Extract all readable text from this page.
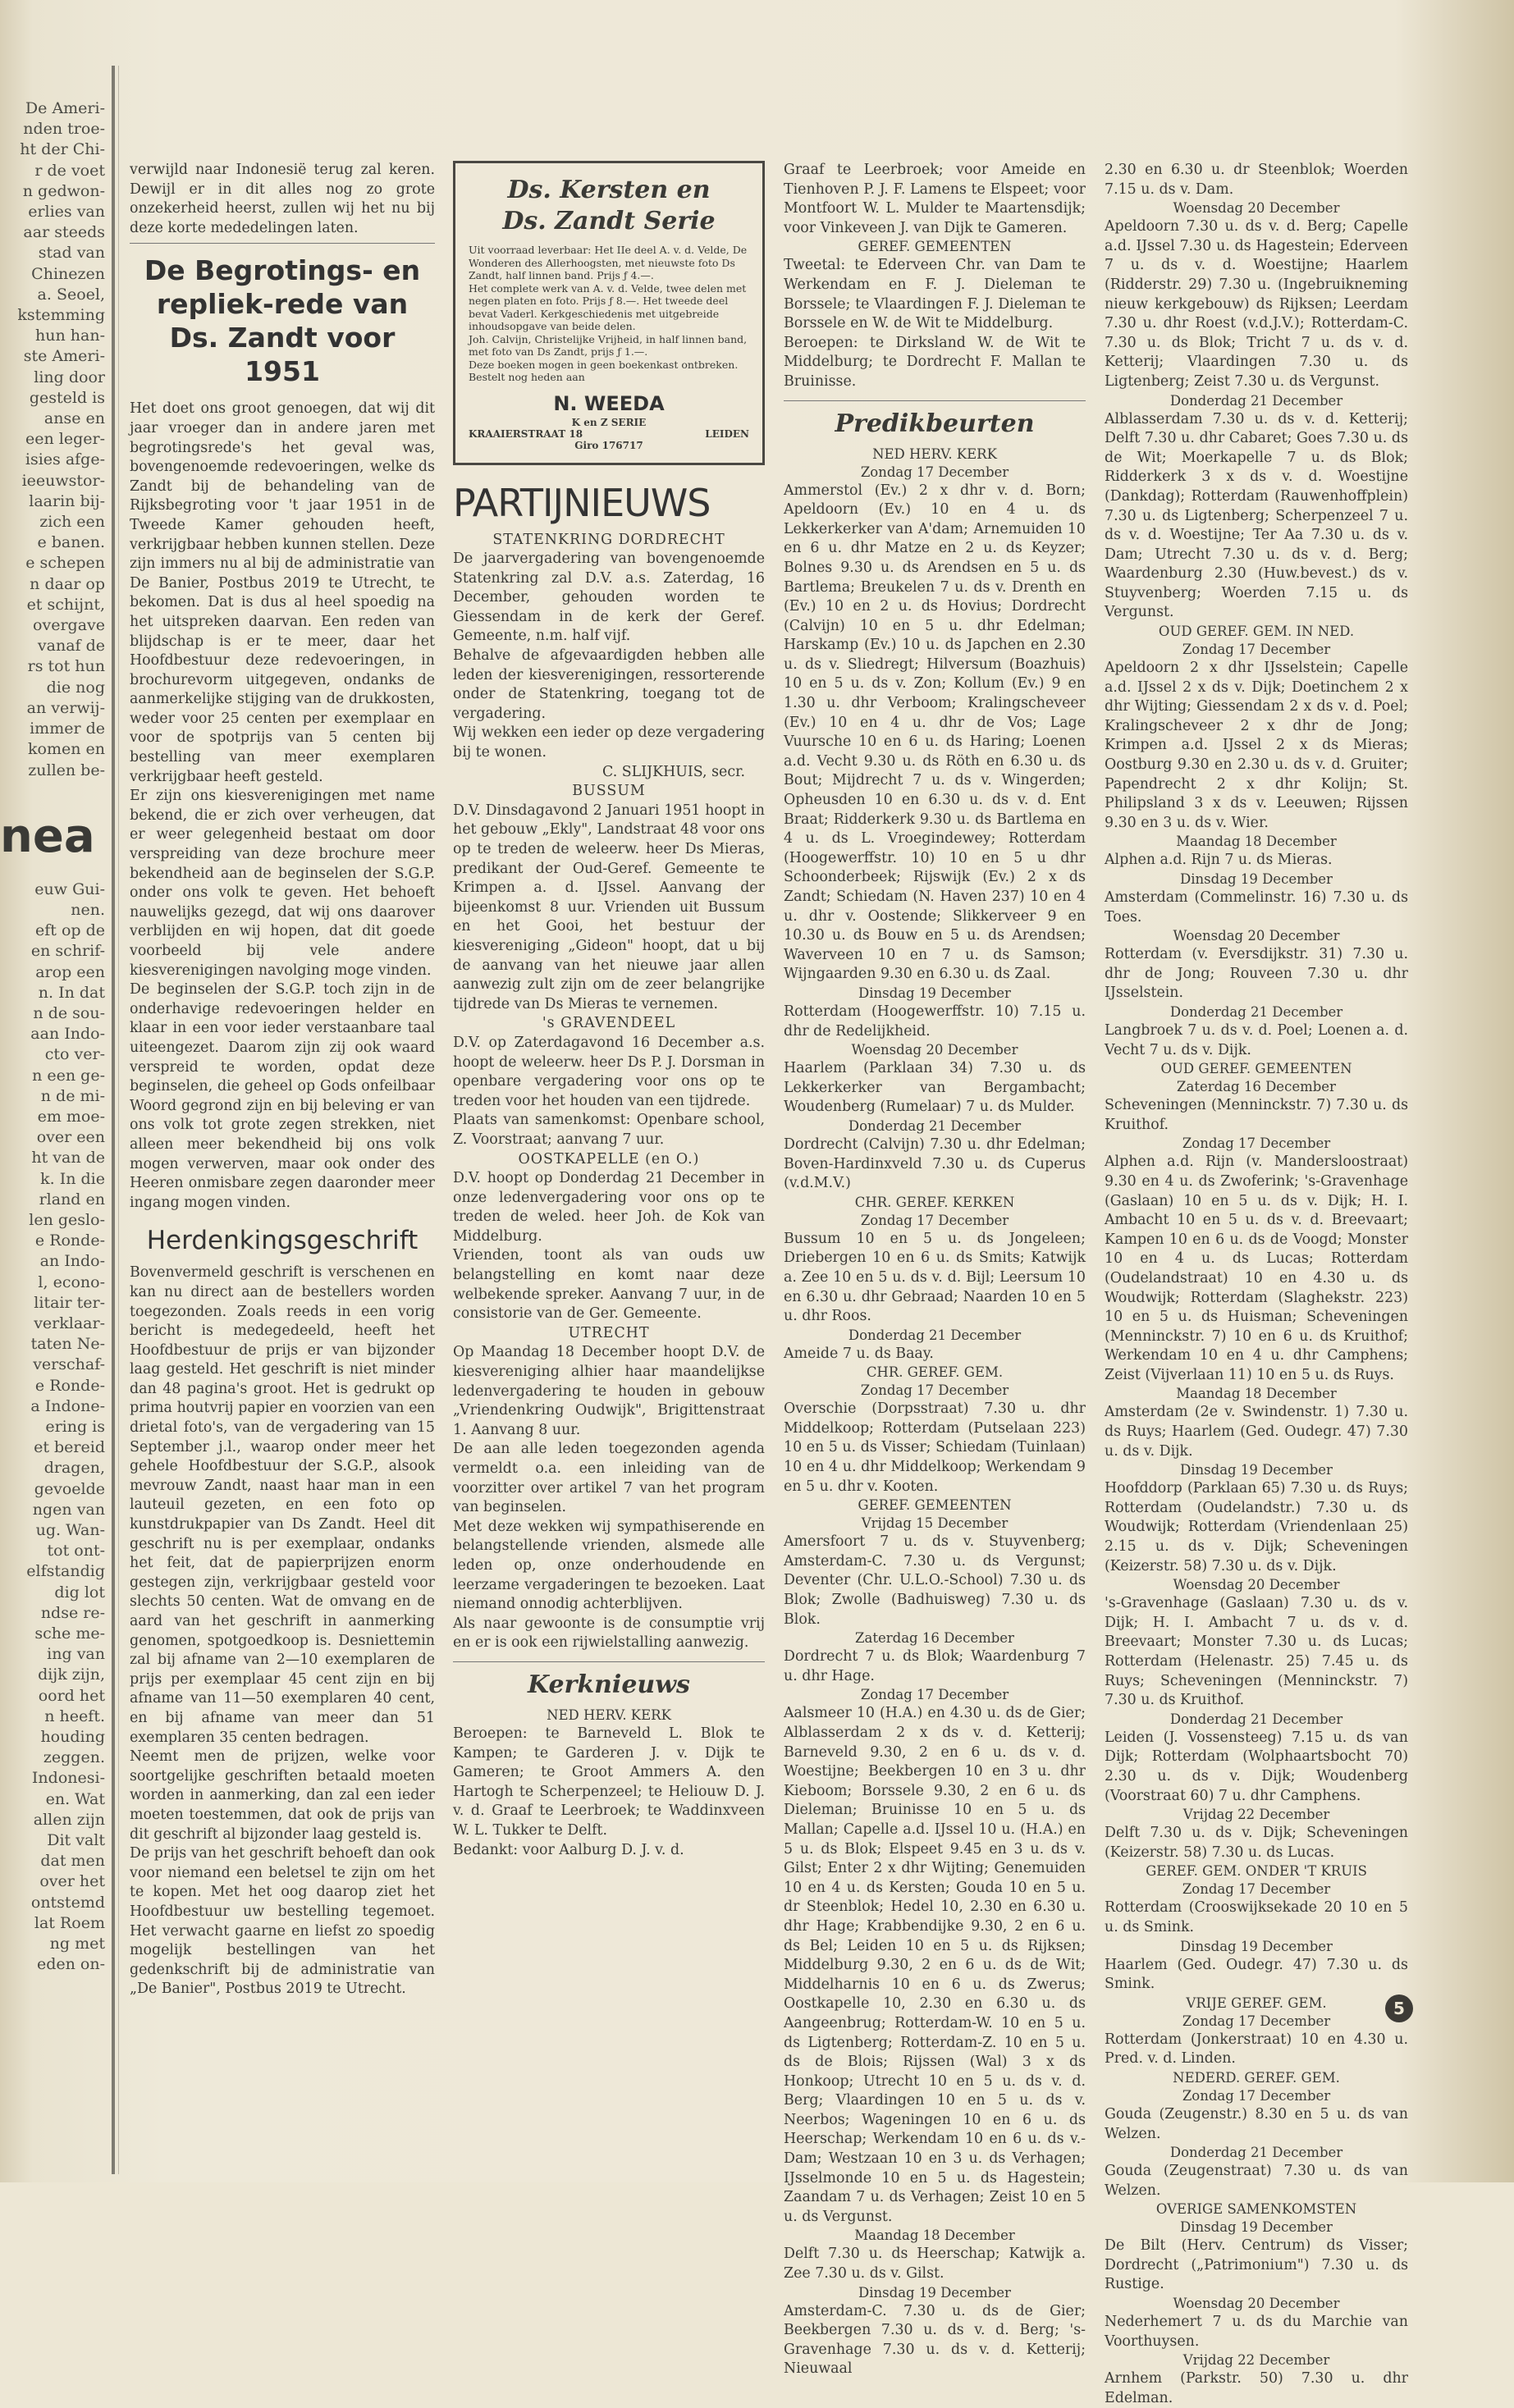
De Ameri-
nden troe-
ht der Chi-
r de voet
n gedwon-
erlies van
aar steeds
stad van
Chinezen
a. Seoel,
kstemming
hun han-
ste Ameri-
ling door
gesteld is
anse en
een leger-
isies afge-
ieeuwstor-
laarin bij-
zich een
e banen.
e schepen
n daar op
et schijnt,
overgave
vanaf de
rs tot hun
die nog
an verwij-
immer de
komen en
zullen be-
nea
euw Gui-
nen.
eft op de
en schrif-
arop een
n. In dat
n de sou-
aan Indo-
cto ver-
n een ge-
n de mi-
em moe-
over een
ht van de
k. In die
rland en
len geslo-
e Ronde-
an Indo-
l, econo-
litair ter-
verklaar-
taten Ne-
verschaf-
e Ronde-
a Indone-
ering is
et bereid
dragen,
gevoelde
ngen van
ug. Wan-
tot ont-
elfstandig
dig lot
ndse re-
sche me-
ing van
dijk zijn,
oord het
n heeft.
houding
zeggen.
Indonesi-
en. Wat
allen zijn
Dit valt
dat men
over het
ontstemd
lat Roem
ng met
eden on-

verwijld naar Indonesië terug zal keren. Dewijl er in dit alles nog zo grote onzekerheid heerst, zullen wij het nu bij deze korte mededelingen laten.

De Begrotings- en repliek-rede van Ds. Zandt voor 1951

Het doet ons groot genoegen, dat wij dit jaar vroeger dan in andere jaren met begrotingsrede's het geval was, bovengenoemde redevoeringen, welke ds Zandt bij de behandeling van de Rijksbegroting voor 't jaar 1951 in de Tweede Kamer gehouden heeft, verkrijgbaar hebben kunnen stellen. Deze zijn immers nu al bij de administratie van De Banier, Postbus 2019 te Utrecht, te bekomen. Dat is dus al heel spoedig na het uitspreken daarvan. Een reden van blijdschap is er te meer, daar het Hoofdbestuur deze redevoeringen, in brochurevorm uitgegeven, ondanks de aanmerkelijke stijging van de drukkosten, weder voor 25 centen per exemplaar en voor de spotprijs van 5 centen bij bestelling van meer exemplaren verkrijgbaar heeft gesteld.

Er zijn ons kiesverenigingen met name bekend, die er zich over verheugen, dat er weer gelegenheid bestaat om door verspreiding van deze brochure meer bekendheid aan de beginselen der S.G.P. onder ons volk te geven. Het behoeft nauwelijks gezegd, dat wij ons daarover verblijden en wij hopen, dat dit goede voorbeeld bij vele andere kiesverenigingen navolging moge vinden.

De beginselen der S.G.P. toch zijn in de onderhavige redevoeringen helder en klaar in een voor ieder verstaanbare taal uiteengezet. Daarom zijn zij ook waard verspreid te worden, opdat deze beginselen, die geheel op Gods onfeilbaar Woord gegrond zijn en bij beleving er van ons volk tot grote zegen strekken, niet alleen meer bekendheid bij ons volk mogen verwerven, maar ook onder des Heeren onmisbare zegen daaronder meer ingang mogen vinden.

Herdenkingsgeschrift

Bovenvermeld geschrift is verschenen en kan nu direct aan de bestellers worden toegezonden. Zoals reeds in een vorig bericht is medegedeeld, heeft het Hoofdbestuur de prijs er van bijzonder laag gesteld. Het geschrift is niet minder dan 48 pagina's groot. Het is gedrukt op prima houtvrij papier en voorzien van een drietal foto's, van de vergadering van 15 September j.l., waarop onder meer het gehele Hoofdbestuur der S.G.P., alsook mevrouw Zandt, naast haar man in een lauteuil gezeten, en een foto op kunstdrukpapier van Ds Zandt. Heel dit geschrift nu is per exemplaar, ondanks het feit, dat de papierprijzen enorm gestegen zijn, verkrijgbaar gesteld voor slechts 50 centen. Wat de omvang en de aard van het geschrift in aanmerking genomen, spotgoedkoop is. Desniettemin zal bij afname van 2—10 exemplaren de prijs per exemplaar 45 cent zijn en bij afname van 11—50 exemplaren 40 cent, en bij afname van meer dan 51 exemplaren 35 centen bedragen.

Neemt men de prijzen, welke voor soortgelijke geschriften betaald moeten worden in aanmerking, dan zal een ieder moeten toestemmen, dat ook de prijs van dit geschrift al bijzonder laag gesteld is.

De prijs van het geschrift behoeft dan ook voor niemand een beletsel te zijn om het te kopen. Met het oog daarop ziet het Hoofdbestuur uw bestelling tegemoet. Het verwacht gaarne en liefst zo spoedig mogelijk bestellingen van het gedenkschrift bij de administratie van „De Banier", Postbus 2019 te Utrecht.

Ds. Kersten en
Ds. Zandt Serie
Uit voorraad leverbaar: Het IIe deel A. v. d. Velde, De Wonderen des Allerhoogsten, met nieuwste foto Ds Zandt, half linnen band. Prijs ƒ 4.—.
Het complete werk van A. v. d. Velde, twee delen met negen platen en foto. Prijs ƒ 8.—. Het tweede deel bevat Vaderl. Kerkgeschiedenis met uitgebreide inhoudsopgave van beide delen.
Joh. Calvijn, Christelijke Vrijheid, in half linnen band, met foto van Ds Zandt, prijs ƒ 1.—.
Deze boeken mogen in geen boekenkast ontbreken. Bestelt nog heden aan
N. WEEDA
K en Z SERIE
KRAAIERSTRAAT 18	LEIDEN
Giro 176717
PARTIJNIEUWS
STATENKRING DORDRECHT

De jaarvergadering van bovengenoemde Statenkring zal D.V. a.s. Zaterdag, 16 December, gehouden worden te Giessendam in de kerk der Geref. Gemeente, n.m. half vijf.

Behalve de afgevaardigden hebben alle leden der kiesverenigingen, ressorterende onder de Statenkring, toegang tot de vergadering.

Wij wekken een ieder op deze vergadering bij te wonen.

C. SLIJKHUIS, secr.
BUSSUM

D.V. Dinsdagavond 2 Januari 1951 hoopt in het gebouw „Ekly", Landstraat 48 voor ons op te treden de weleerw. heer Ds Mieras, predikant der Oud-Geref. Gemeente te Krimpen a. d. IJssel. Aanvang der bijeenkomst 8 uur. Vrienden uit Bussum en het Gooi, het bestuur der kiesvereniging „Gideon" hoopt, dat u bij de aanvang van het nieuwe jaar allen aanwezig zult zijn om de zeer belangrijke tijdrede van Ds Mieras te vernemen.

's GRAVENDEEL

D.V. op Zaterdagavond 16 December a.s. hoopt de weleerw. heer Ds P. J. Dorsman in openbare vergadering voor ons op te treden voor het houden van een tijdrede.

Plaats van samenkomst: Openbare school, Z. Voorstraat; aanvang 7 uur.

OOSTKAPELLE (en O.)

D.V. hoopt op Donderdag 21 December in onze ledenvergadering voor ons op te treden de weled. heer Joh. de Kok van Middelburg.

Vrienden, toont als van ouds uw belangstelling en komt naar deze welbekende spreker. Aanvang 7 uur, in de consistorie van de Ger. Gemeente.

UTRECHT

Op Maandag 18 December hoopt D.V. de kiesvereniging alhier haar maandelijkse ledenvergadering te houden in gebouw „Vriendenkring Oudwijk", Brigittenstraat 1. Aanvang 8 uur.

De aan alle leden toegezonden agenda vermeldt o.a. een inleiding van de voorzitter over artikel 7 van het program van beginselen.

Met deze wekken wij sympathiserende en belangstellende vrienden, alsmede alle leden op, onze onderhoudende en leerzame vergaderingen te bezoeken. Laat niemand onnodig achterblijven.

Als naar gewoonte is de consumptie vrij en er is ook een rijwielstalling aanwezig.

Kerknieuws
NED HERV. KERK

Beroepen: te Barneveld L. Blok te Kampen; te Garderen J. v. Dijk te Gameren; te Groot Ammers A. den Hartogh te Scherpenzeel; te Heliouw D. J. v. d. Graaf te Leerbroek; te Waddinxveen W. L. Tukker te Delft.

Bedankt: voor Aalburg D. J. v. d.

Graaf te Leerbroek; voor Ameide en Tienhoven P. J. F. Lamens te Elspeet; voor Montfoort W. L. Mulder te Maartensdijk; voor Vinkeveen J. van Dijk te Gameren.

GEREF. GEMEENTEN

Tweetal: te Ederveen Chr. van Dam te Werkendam en F. J. Dieleman te Borssele; te Vlaardingen F. J. Dieleman te Borssele en W. de Wit te Middelburg.

Beroepen: te Dirksland W. de Wit te Middelburg; te Dordrecht F. Mallan te Bruinisse.

Predikbeurten
NED HERV. KERK
Zondag 17 December

Ammerstol (Ev.) 2 x dhr v. d. Born; Apeldoorn (Ev.) 10 en 4 u. ds Lekkerkerker van A'dam; Arnemuiden 10 en 6 u. dhr Matze en 2 u. ds Keyzer; Bolnes 9.30 u. ds Arendsen en 5 u. ds Bartlema; Breukelen 7 u. ds v. Drenth en (Ev.) 10 en 2 u. ds Hovius; Dordrecht (Calvijn) 10 en 5 u. dhr Edelman; Harskamp (Ev.) 10 u. ds Japchen en 2.30 u. ds v. Sliedregt; Hilversum (Boazhuis) 10 en 5 u. ds v. Zon; Kollum (Ev.) 9 en 1.30 u. dhr Verboom; Kralingscheveer (Ev.) 10 en 4 u. dhr de Vos; Lage Vuursche 10 en 6 u. ds Haring; Loenen a.d. Vecht 9.30 u. ds Röth en 6.30 u. ds Bout; Mijdrecht 7 u. ds v. Wingerden; Opheusden 10 en 6.30 u. ds v. d. Ent Braat; Ridderkerk 9.30 u. ds Bartlema en 4 u. ds L. Vroegindewey; Rotterdam (Hoogewerffstr. 10) 10 en 5 u dhr Schoonderbeek; Rijswijk (Ev.) 2 x ds Zandt; Schiedam (N. Haven 237) 10 en 4 u. dhr v. Oostende; Slikkerveer 9 en 10.30 u. ds Bouw en 5 u. ds Arendsen; Waverveen 10 en 7 u. ds Samson; Wijngaarden 9.30 en 6.30 u. ds Zaal.

Dinsdag 19 December

Rotterdam (Hoogewerffstr. 10) 7.15 u. dhr de Redelijkheid.

Woensdag 20 December

Haarlem (Parklaan 34) 7.30 u. ds Lekkerkerker van Bergambacht; Woudenberg (Rumelaar) 7 u. ds Mulder.

Donderdag 21 December

Dordrecht (Calvijn) 7.30 u. dhr Edelman; Boven-Hardinxveld 7.30 u. ds Cuperus (v.d.M.V.)

CHR. GEREF. KERKEN
Zondag 17 December

Bussum 10 en 5 u. ds Jongeleen; Driebergen 10 en 6 u. ds Smits; Katwijk a. Zee 10 en 5 u. ds v. d. Bijl; Leersum 10 en 6.30 u. dhr Gebraad; Naarden 10 en 5 u. dhr Roos.

Donderdag 21 December

Ameide 7 u. ds Baay.

CHR. GEREF. GEM.
Zondag 17 December

Overschie (Dorpsstraat) 7.30 u. dhr Middelkoop; Rotterdam (Putselaan 223) 10 en 5 u. ds Visser; Schiedam (Tuinlaan) 10 en 4 u. dhr Middelkoop; Werkendam 9 en 5 u. dhr v. Kooten.

GEREF. GEMEENTEN
Vrijdag 15 December

Amersfoort 7 u. ds v. Stuyvenberg; Amsterdam-C. 7.30 u. ds Vergunst; Deventer (Chr. U.L.O.-School) 7.30 u. ds Blok; Zwolle (Badhuisweg) 7.30 u. ds Blok.

Zaterdag 16 December

Dordrecht 7 u. ds Blok; Waardenburg 7 u. dhr Hage.

Zondag 17 December

Aalsmeer 10 (H.A.) en 4.30 u. ds de Gier; Alblasserdam 2 x ds v. d. Ketterij; Barneveld 9.30, 2 en 6 u. ds v. d. Woestijne; Beekbergen 10 en 3 u. dhr Kieboom; Borssele 9.30, 2 en 6 u. ds Dieleman; Bruinisse 10 en 5 u. ds Mallan; Capelle a.d. IJssel 10 u. (H.A.) en 5 u. ds Blok; Elspeet 9.45 en 3 u. ds v. Gilst; Enter 2 x dhr Wijting; Genemuiden 10 en 4 u. ds Kersten; Gouda 10 en 5 u. dr Steenblok; Hedel 10, 2.30 en 6.30 u. dhr Hage; Krabbendijke 9.30, 2 en 6 u. ds Bel; Leiden 10 en 5 u. ds Rijksen; Middelburg 9.30, 2 en 6 u. ds de Wit; Middelharnis 10 en 6 u. ds Zwerus; Oostkapelle 10, 2.30 en 6.30 u. ds Aangeenbrug; Rotterdam-W. 10 en 5 u. ds Ligtenberg; Rotterdam-Z. 10 en 5 u. ds de Blois; Rijssen (Wal) 3 x ds Honkoop; Utrecht 10 en 5 u. ds v. d. Berg; Vlaardingen 10 en 5 u. ds v. Neerbos; Wageningen 10 en 6 u. ds Heerschap; Werkendam 10 en 6 u. ds v.-Dam; Westzaan 10 en 3 u. ds Verhagen; IJsselmonde 10 en 5 u. ds Hagestein; Zaandam 7 u. ds Verhagen; Zeist 10 en 5 u. ds Vergunst.

Maandag 18 December

Delft 7.30 u. ds Heerschap; Katwijk a. Zee 7.30 u. ds v. Gilst.

Dinsdag 19 December

Amsterdam-C. 7.30 u. ds de Gier; Beekbergen 7.30 u. ds v. d. Berg; 's-Gravenhage 7.30 u. ds v. d. Ketterij; Nieuwaal

2.30 en 6.30 u. dr Steenblok; Woerden 7.15 u. ds v. Dam.

Woensdag 20 December

Apeldoorn 7.30 u. ds v. d. Berg; Capelle a.d. IJssel 7.30 u. ds Hagestein; Ederveen 7 u. ds v. d. Woestijne; Haarlem (Ridderstr. 29) 7.30 u. (Ingebruikneming nieuw kerkgebouw) ds Rijksen; Leerdam 7.30 u. dhr Roest (v.d.J.V.); Rotterdam-C. 7.30 u. ds Blok; Tricht 7 u. ds v. d. Ketterij; Vlaardingen 7.30 u. ds Ligtenberg; Zeist 7.30 u. ds Vergunst.

Donderdag 21 December

Alblasserdam 7.30 u. ds v. d. Ketterij; Delft 7.30 u. dhr Cabaret; Goes 7.30 u. ds de Wit; Moerkapelle 7 u. ds Blok; Ridderkerk 3 x ds v. d. Woestijne (Dankdag); Rotterdam (Rauwenhoffplein) 7.30 u. ds Ligtenberg; Scherpenzeel 7 u. ds v. d. Woestijne; Ter Aa 7.30 u. ds v. Dam; Utrecht 7.30 u. ds v. d. Berg; Waardenburg 2.30 (Huw.bevest.) ds v. Stuyvenberg; Woerden 7.15 u. ds Vergunst.

OUD GEREF. GEM. IN NED.
Zondag 17 December

Apeldoorn 2 x dhr IJsselstein; Capelle a.d. IJssel 2 x ds v. Dijk; Doetinchem 2 x dhr Wijting; Giessendam 2 x ds v. d. Poel; Kralingscheveer 2 x dhr de Jong; Krimpen a.d. IJssel 2 x ds Mieras; Oostburg 9.30 en 2.30 u. ds v. d. Gruiter; Papendrecht 2 x dhr Kolijn; St. Philipsland 3 x ds v. Leeuwen; Rijssen 9.30 en 3 u. ds v. Wier.

Maandag 18 December

Alphen a.d. Rijn 7 u. ds Mieras.

Dinsdag 19 December

Amsterdam (Commelinstr. 16) 7.30 u. ds Toes.

Woensdag 20 December

Rotterdam (v. Eversdijkstr. 31) 7.30 u. dhr de Jong; Rouveen 7.30 u. dhr IJsselstein.

Donderdag 21 December

Langbroek 7 u. ds v. d. Poel; Loenen a. d. Vecht 7 u. ds v. Dijk.

OUD GEREF. GEMEENTEN
Zaterdag 16 December

Scheveningen (Menninckstr. 7) 7.30 u. ds Kruithof.

Zondag 17 December

Alphen a.d. Rijn (v. Mandersloostraat) 9.30 en 4 u. ds Zwoferink; 's-Gravenhage (Gaslaan) 10 en 5 u. ds v. Dijk; H. I. Ambacht 10 en 5 u. ds v. d. Breevaart; Kampen 10 en 6 u. ds de Voogd; Monster 10 en 4 u. ds Lucas; Rotterdam (Oudelandstraat) 10 en 4.30 u. ds Woudwijk; Rotterdam (Slaghekstr. 223) 10 en 5 u. ds Huisman; Scheveningen (Menninckstr. 7) 10 en 6 u. ds Kruithof; Werkendam 10 en 4 u. dhr Camphens; Zeist (Vijverlaan 11) 10 en 5 u. ds Ruys.

Maandag 18 December

Amsterdam (2e v. Swindenstr. 1) 7.30 u. ds Ruys; Haarlem (Ged. Oudegr. 47) 7.30 u. ds v. Dijk.

Dinsdag 19 December

Hoofddorp (Parklaan 65) 7.30 u. ds Ruys; Rotterdam (Oudelandstr.) 7.30 u. ds Woudwijk; Rotterdam (Vriendenlaan 25) 2.15 u. ds v. Dijk; Scheveningen (Keizerstr. 58) 7.30 u. ds v. Dijk.

Woensdag 20 December

's-Gravenhage (Gaslaan) 7.30 u. ds v. Dijk; H. I. Ambacht 7 u. ds v. d. Breevaart; Monster 7.30 u. ds Lucas; Rotterdam (Helenastr. 25) 7.45 u. ds Ruys; Scheveningen (Menninckstr. 7) 7.30 u. ds Kruithof.

Donderdag 21 December

Leiden (J. Vossensteeg) 7.15 u. ds van Dijk; Rotterdam (Wolphaartsbocht 70) 2.30 u. ds v. Dijk; Woudenberg (Voorstraat 60) 7 u. dhr Camphens.

Vrijdag 22 December

Delft 7.30 u. ds v. Dijk; Scheveningen (Keizerstr. 58) 7.30 u. ds Lucas.

GEREF. GEM. ONDER 'T KRUIS
Zondag 17 December

Rotterdam (Crooswijksekade 20 10 en 5 u. ds Smink.

Dinsdag 19 December

Haarlem (Ged. Oudegr. 47) 7.30 u. ds Smink.

VRIJE GEREF. GEM.
Zondag 17 December

Rotterdam (Jonkerstraat) 10 en 4.30 u. Pred. v. d. Linden.

NEDERD. GEREF. GEM.
Zondag 17 December

Gouda (Zeugenstr.) 8.30 en 5 u. ds van Welzen.

Donderdag 21 December

Gouda (Zeugenstraat) 7.30 u. ds van Welzen.

OVERIGE SAMENKOMSTEN
Dinsdag 19 December

De Bilt (Herv. Centrum) ds Visser; Dordrecht („Patrimonium") 7.30 u. ds Rustige.

Woensdag 20 December

Nederhemert 7 u. ds du Marchie van Voorthuysen.

Vrijdag 22 December

Arnhem (Parkstr. 50) 7.30 u. dhr Edelman.

5
